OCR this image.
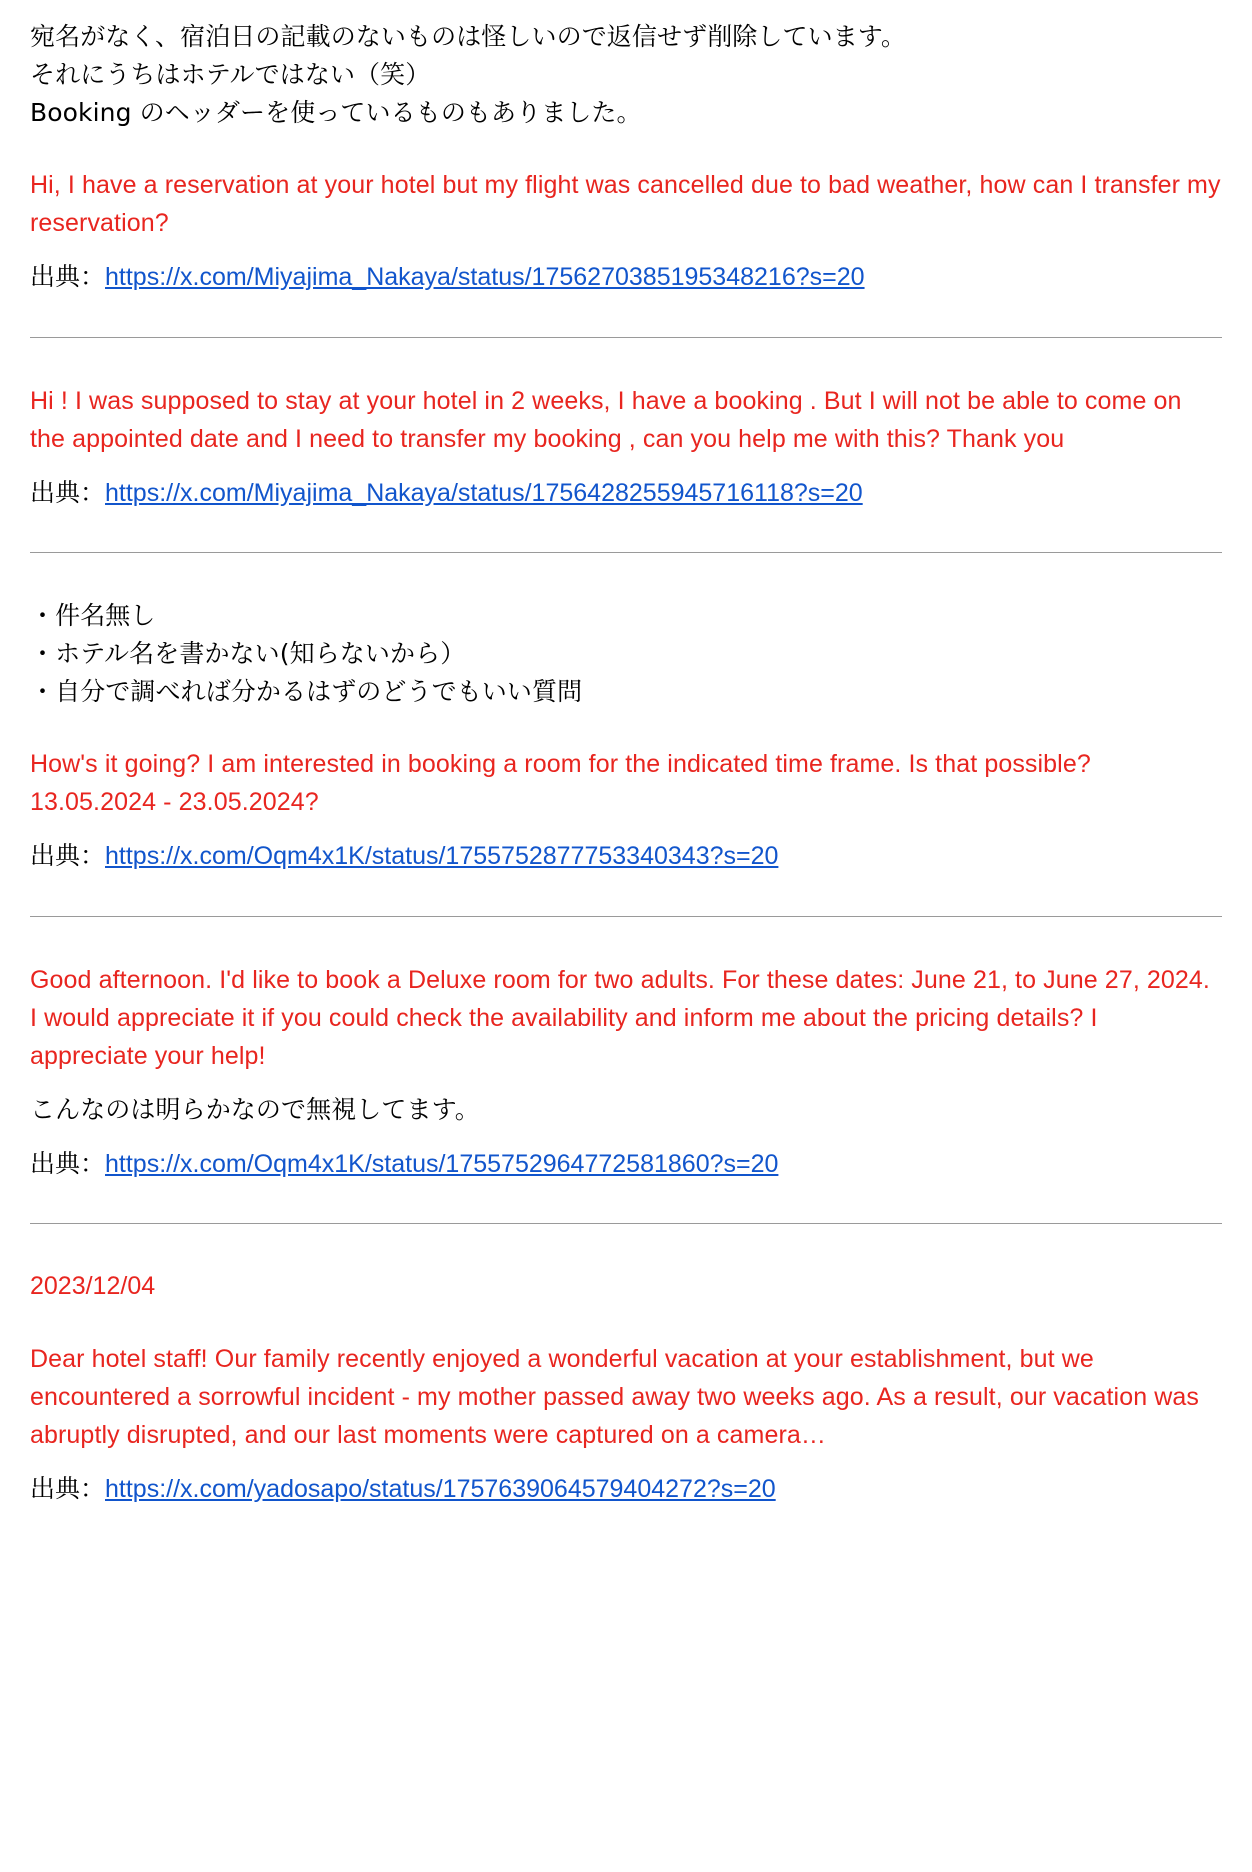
宛名がなく、宿泊日の記載のないものは怪しいので返信せず削除しています。
それにうちはホテルではない（笑）
Booking のヘッダーを使っているものもありました。
Hi, I have a reservation at your hotel but my flight was cancelled due to bad weather, how can I transfer my reservation?
出典：https://x.com/Miyajima_Nakaya/status/1756270385195348216?s=20
Hi ! I was supposed to stay at your hotel in 2 weeks, I have a booking . But I will not be able to come on the appointed date and I need to transfer my booking , can you help me with this? Thank you
出典：https://x.com/Miyajima_Nakaya/status/1756428255945716118?s=20
・件名無し
・ホテル名を書かない(知らないから）
・自分で調べれば分かるはずのどうでもいい質問
How's it going? I am interested in booking a room for the indicated time frame. Is that possible? 13.05.2024 - 23.05.2024?
出典：https://x.com/Oqm4x1K/status/1755752877753340343?s=20
Good afternoon. I'd like to book a Deluxe room for two adults. For these dates: June 21, to June 27, 2024. I would appreciate it if you could check the availability and inform me about the pricing details? I appreciate your help!
こんなのは明らかなので無視してます。
出典：https://x.com/Oqm4x1K/status/1755752964772581860?s=20
2023/12/04
Dear hotel staff! Our family recently enjoyed a wonderful vacation at your establishment, but we encountered a sorrowful incident - my mother passed away two weeks ago. As a result, our vacation was abruptly disrupted, and our last moments were captured on a camera…
出典：https://x.com/yadosapo/status/1757639064579404272?s=20
